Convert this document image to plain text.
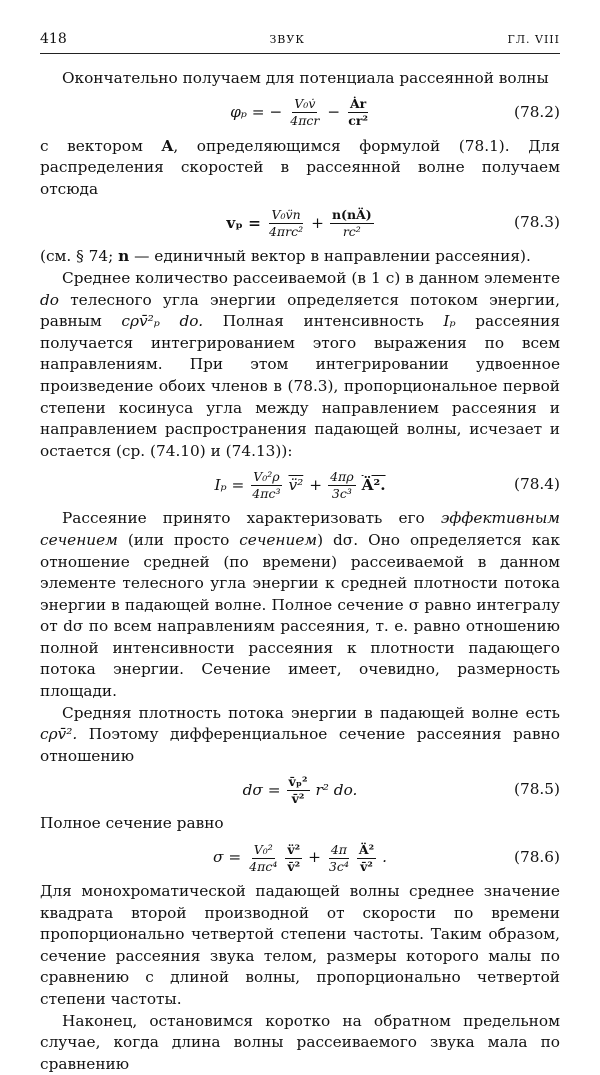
418	ЗВУК	ГЛ. VIII

Окончательно получаем для потенциала рассеянной волны

φₚ = − $\frac{\text{V₀v̇}}{\text{4πcr}} - \frac{Ȧr}{\text{cr²}}$	(78.2)

с вектором A, определяющимся формулой (78.1). Для распределения скоростей в рассеянной волне получаем отсюда

$v_p = \frac{\text{V₀v̈n}}{\text{4πrc²}} + \frac{n(nÄ)}{\text{rc²}}$	(78.3)

(см. § 74; n — единичный вектор в направлении рассеяния).

Среднее количество рассеиваемой (в 1 с) в данном элементе do телесного угла энергии определяется потоком энергии, равным cρv̄²ₚ do. Полная интенсивность Iₚ рассеяния получается интегрированием этого выражения по всем направлениям. При этом интегрировании удвоенное произведение обоих членов в (78.3), пропорциональное первой степени косинуса угла между направлением рассеяния и направлением распространения падающей волны, исчезает и остается (ср. (74.10) и (74.13)):

$I_p = \frac{\text{V₀²ρ}}{\text{4πc³}}$ v̈² + $\frac{4\pi\rho}{\text{3c³}}$ Ä².	(78.4)

Рассеяние принято характеризовать его эффективным сечением (или просто сечением) dσ. Оно определяется как отношение средней (по времени) рассеиваемой в данном элементе телесного угла энергии к средней плотности потока энергии в падающей волне. Полное сечение σ равно интегралу от dσ по всем направлениям рассеяния, т. е. равно отношению полной интенсивности рассеяния к плотности падающего потока энергии. Сечение имеет, очевидно, размерность площади.

Средняя плотность потока энергии в падающей волне есть cρv̄². Поэтому дифференциальное сечение рассеяния равно отношению

$d\sigma = \frac{\text{v̄ₚ²}}{\text{v̄²}} r^2$ do.	(78.5)

Полное сечение равно

$\sigma = \frac{\text{V₀²}}{\text{4πc⁴}} \frac{\text{v̈²}}{\text{v̄²}} + \frac{4\pi}{\text{3c⁴}} \frac{\text{Ä²}}{\text{v̄²}}$ .	(78.6)

Для монохроматической падающей волны среднее значение квадрата второй производной от скорости по времени пропорционально четвертой степени частоты. Таким образом, сечение рассеяния звука телом, размеры которого малы по сравнению с длиной волны, пропорционально четвертой степени частоты.

Наконец, остановимся коротко на обратном предельном случае, когда длина волны рассеиваемого звука мала по сравнению
